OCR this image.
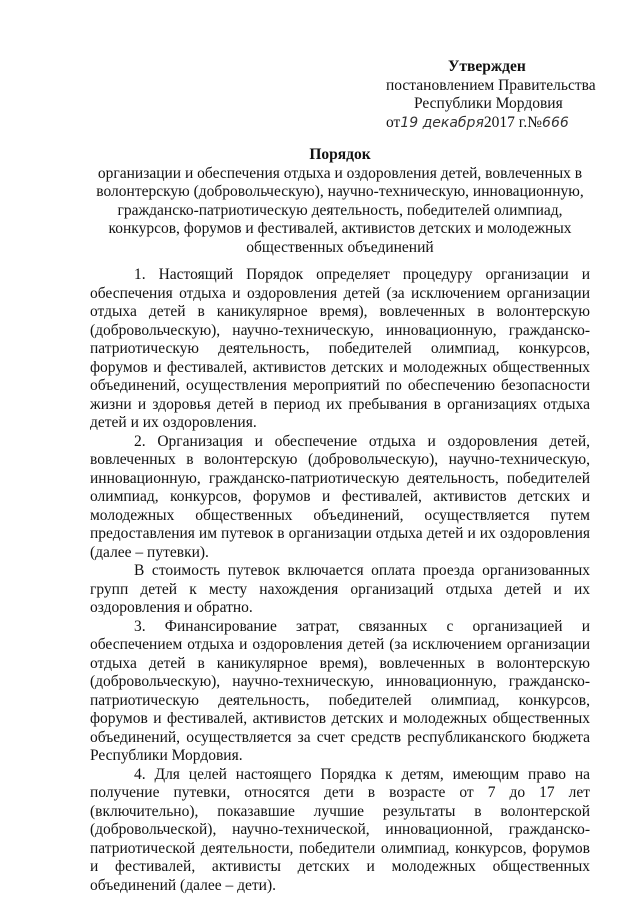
Утвержден
постановлением Правительства
Республики Мордовия
от19 декабря2017 г.№666
Порядок
организации и обеспечения отдыха и оздоровления детей, вовлеченных в волонтерскую (добровольческую), научно-техническую, инновационную, гражданско-патриотическую деятельность, победителей олимпиад, конкурсов, форумов и фестивалей, активистов детских и молодежных общественных объединений

1. Настоящий Порядок определяет процедуру организации и обеспечения отдыха и оздоровления детей (за исключением организации отдыха детей в каникулярное время), вовлеченных в волонтерскую (добровольческую), научно-техническую, инновационную, гражданско-патриотическую деятельность, победителей олимпиад, конкурсов, форумов и фестивалей, активистов детских и молодежных общественных объединений, осуществления мероприятий по обеспечению безопасности жизни и здоровья детей в период их пребывания в организациях отдыха детей и их оздоровления.

2. Организация и обеспечение отдыха и оздоровления детей, вовлеченных в волонтерскую (добровольческую), научно-техническую, инновационную, гражданско-патриотическую деятельность, победителей олимпиад, конкурсов, форумов и фестивалей, активистов детских и молодежных общественных объединений, осуществляется путем предоставления им путевок в организации отдыха детей и их оздоровления (далее – путевки).

В стоимость путевок включается оплата проезда организованных групп детей к месту нахождения организаций отдыха детей и их оздоровления и обратно.

3. Финансирование затрат, связанных с организацией и обеспечением отдыха и оздоровления детей (за исключением организации отдыха детей в каникулярное время), вовлеченных в волонтерскую (добровольческую), научно-техническую, инновационную, гражданско-патриотическую деятельность, победителей олимпиад, конкурсов, форумов и фестивалей, активистов детских и молодежных общественных объединений, осуществляется за счет средств республиканского бюджета Республики Мордовия.

4. Для целей настоящего Порядка к детям, имеющим право на получение путевки, относятся дети в возрасте от 7 до 17 лет (включительно), показавшие лучшие результаты в волонтерской (добровольческой), научно-технической, инновационной, гражданско-патриотической деятельности, победители олимпиад, конкурсов, форумов и фестивалей, активисты детских и молодежных общественных объединений (далее – дети).
